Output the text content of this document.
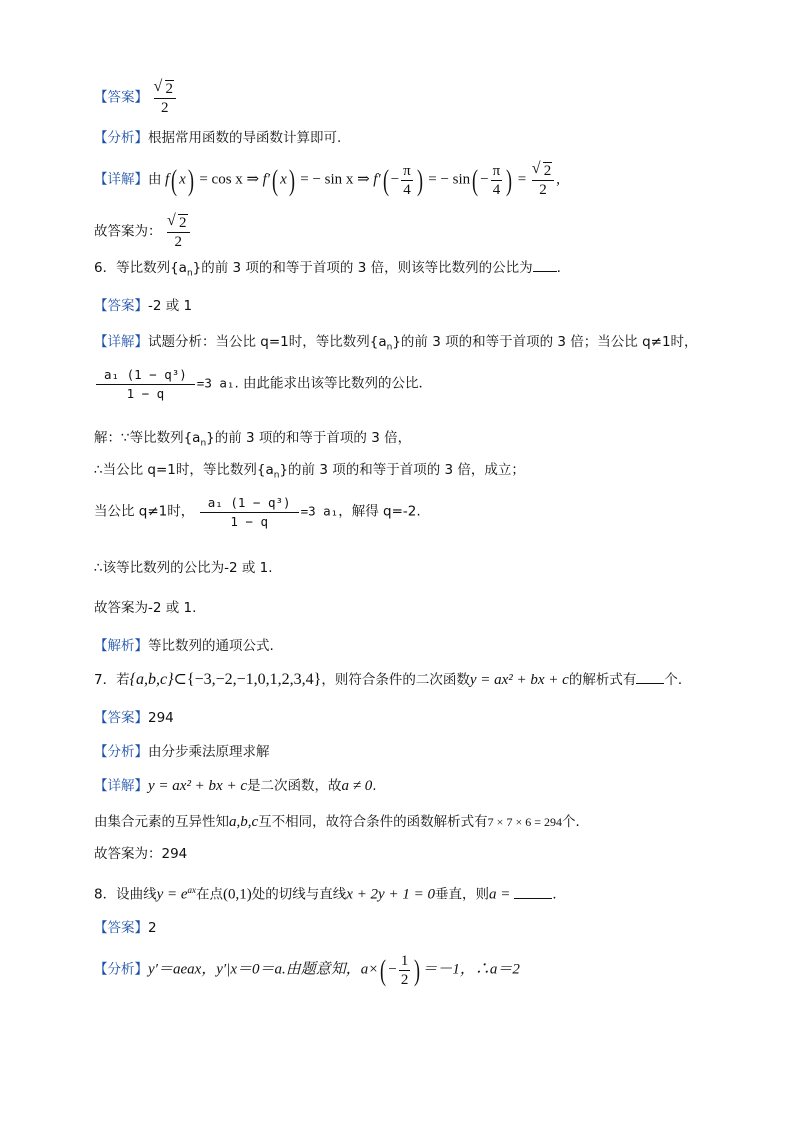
【答案】 √ $\frac{2}{2}$
【分析】根据常用函数的导函数计算即可.
【详解】由 f( x) = cos x ⇒ f′( x) = − sin x ⇒ $f'( - \frac{\pi}{4}$ ) = − $\sin( - \frac{\pi}{4}$ ) = √ $\frac{2}{2}$ ,
故答案为： √ $\frac{2}{2}$
6．等比数列$\{a_n\}$的前 3 项的和等于首项的 3 倍，则该等比数列的公比为 .
【答案】-2 或 1
【详解】试题分析：当公比 q=1时，等比数列$\{a_n\}$的前 3 项的和等于首项的 3 倍；当公比 q≠1时，
$\frac{\text{a₁ (1 − q³)}}{1 - q} =3$ a₁. 由此能求出该等比数列的公比．
解：∵等比数列$\{a_n\}$的前 3 项的和等于首项的 3 倍，
∴当公比 q=1时，等比数列$\{a_n\}$的前 3 项的和等于首项的 3 倍，成立；
当公比 q≠1时， $\frac{\text{a₁ (1 − q³)}}{1 - q} =3$ a₁，解得 q=-2.
∴该等比数列的公比为-2 或 1.
故答案为-2 或 1.
【解析】等比数列的通项公式.
7．若{a,b,c}⊂{−3,−2,−1,0,1,2,3,4}，则符合条件的二次函数y = ax² + bx + c的解析式有 个．
【答案】294
【分析】由分步乘法原理求解
【详解】y = ax² + bx + c是二次函数，故a ≠ 0.
由集合元素的互异性知a,b,c互不相同，故符合条件的函数解析式有7 × 7 × 6 = 294个．
故答案为：294
8．设曲线$y = e^{ax}$在点(0,1)处的切线与直线x + 2y + 1 = 0垂直，则a =	．
【答案】2
【分析】y′＝aeax，y′|x＝0＝a.由题意知，$a\times( - \frac{1}{2}$ ) ＝－1，∴a＝2
